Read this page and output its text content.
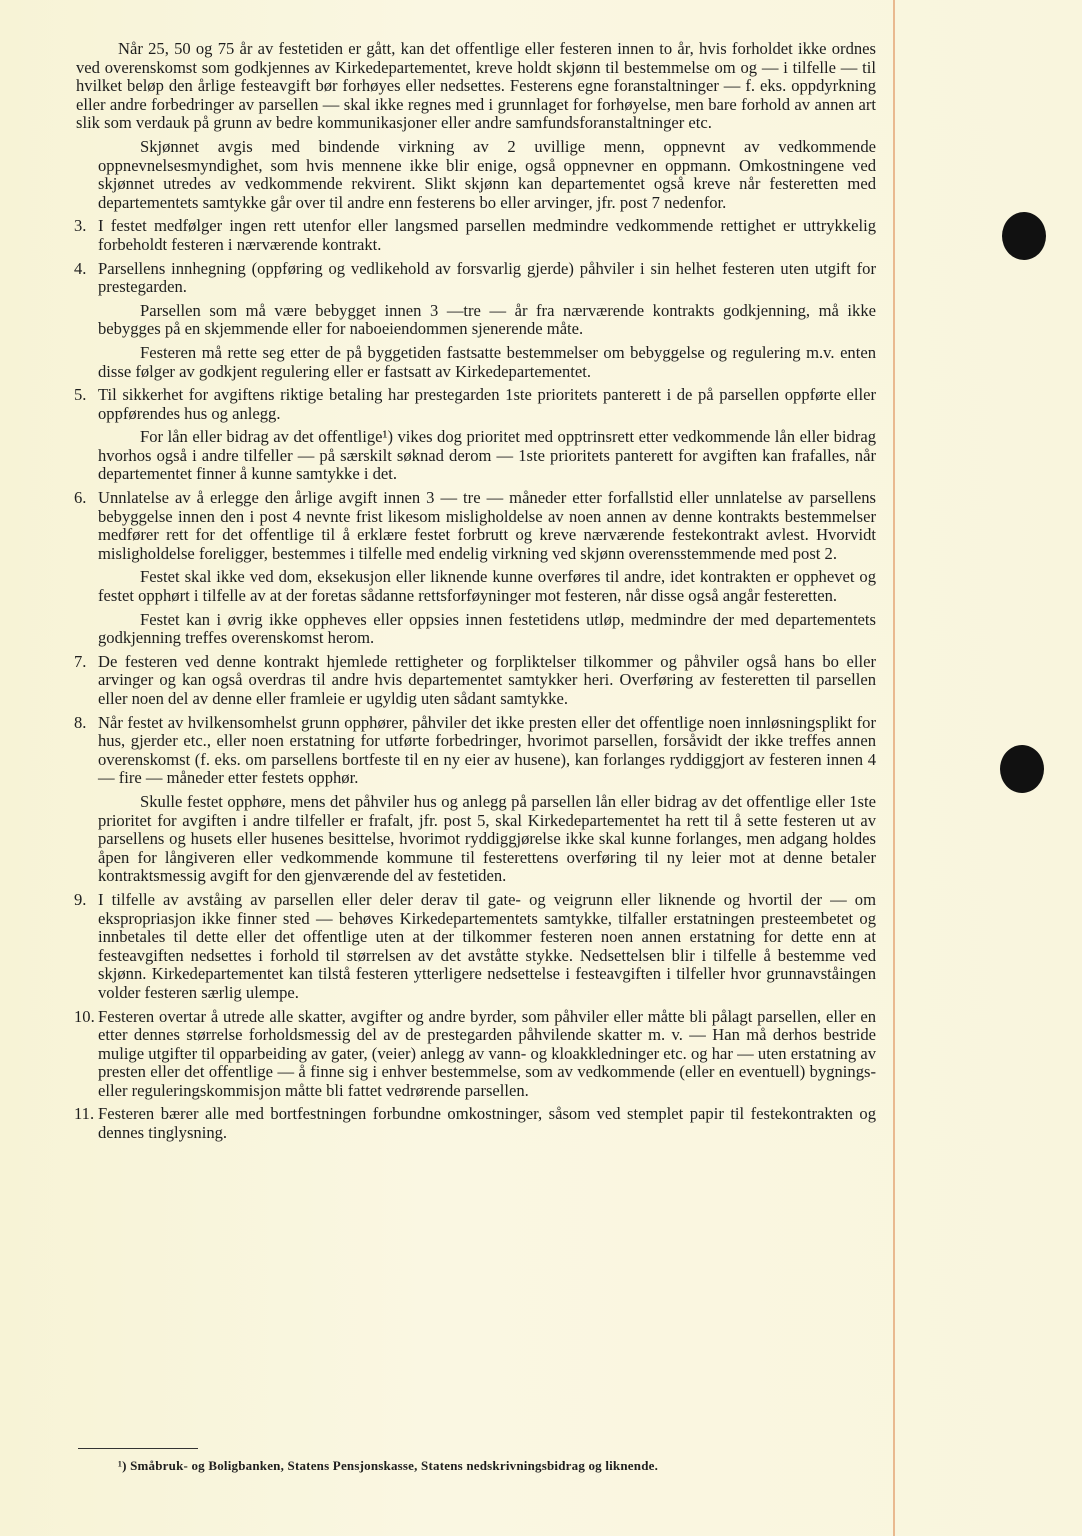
Når 25, 50 og 75 år av festetiden er gått, kan det offentlige eller festeren innen to år, hvis forholdet ikke ordnes ved overenskomst som godkjennes av Kirkedepartementet, kreve holdt skjønn til bestemmelse om og — i tilfelle — til hvilket beløp den årlige festeavgift bør forhøyes eller nedsettes. Festerens egne foranstaltninger — f. eks. oppdyrkning eller andre forbedringer av parsellen — skal ikke regnes med i grunnlaget for forhøyelse, men bare forhold av annen art slik som verdauk på grunn av bedre kommunikasjoner eller andre samfundsforanstaltninger etc.

Skjønnet avgis med bindende virkning av 2 uvillige menn, oppnevnt av vedkommende oppnevnelsesmyndighet, som hvis mennene ikke blir enige, også oppnevner en oppmann. Omkostningene ved skjønnet utredes av vedkommende rekvirent. Slikt skjønn kan departementet også kreve når festeretten med departementets samtykke går over til andre enn festerens bo eller arvinger, jfr. post 7 nedenfor.

3. I festet medfølger ingen rett utenfor eller langsmed parsellen medmindre vedkommende rettighet er uttrykkelig forbeholdt festeren i nærværende kontrakt.
4. Parsellens innhegning (oppføring og vedlikehold av forsvarlig gjerde) påhviler i sin helhet festeren uten utgift for prestegarden.

Parsellen som må være bebygget innen 3 —tre — år fra nærværende kontrakts godkjenning, må ikke bebygges på en skjemmende eller for naboeiendommen sjenerende måte.

Festeren må rette seg etter de på byggetiden fastsatte bestemmelser om bebyggelse og regulering m.v. enten disse følger av godkjent regulering eller er fastsatt av Kirkedepartementet.

5. Til sikkerhet for avgiftens riktige betaling har prestegarden 1ste prioritets panterett i de på parsellen oppførte eller oppførendes hus og anlegg.

For lån eller bidrag av det offentlige¹) vikes dog prioritet med opptrinsrett etter vedkommende lån eller bidrag hvorhos også i andre tilfeller — på særskilt søknad derom — 1ste prioritets panterett for avgiften kan frafalles, når departementet finner å kunne samtykke i det.

6. Unnlatelse av å erlegge den årlige avgift innen 3 — tre — måneder etter forfallstid eller unnlatelse av parsellens bebyggelse innen den i post 4 nevnte frist likesom misligholdelse av noen annen av denne kontrakts bestemmelser medfører rett for det offentlige til å erklære festet forbrutt og kreve nærværende festekontrakt avlest. Hvorvidt misligholdelse foreligger, bestemmes i tilfelle med endelig virkning ved skjønn overensstemmende med post 2.

Festet skal ikke ved dom, eksekusjon eller liknende kunne overføres til andre, idet kontrakten er opphevet og festet opphørt i tilfelle av at der foretas sådanne rettsforføyninger mot festeren, når disse også angår festeretten.

Festet kan i øvrig ikke oppheves eller oppsies innen festetidens utløp, medmindre der med departementets godkjenning treffes overenskomst herom.

7. De festeren ved denne kontrakt hjemlede rettigheter og forpliktelser tilkommer og påhviler også hans bo eller arvinger og kan også overdras til andre hvis departementet samtykker heri. Overføring av festeretten til parsellen eller noen del av denne eller framleie er ugyldig uten sådant samtykke.
8. Når festet av hvilkensomhelst grunn opphører, påhviler det ikke presten eller det offentlige noen innløsningsplikt for hus, gjerder etc., eller noen erstatning for utførte forbedringer, hvorimot parsellen, forsåvidt der ikke treffes annen overenskomst (f. eks. om parsellens bortfeste til en ny eier av husene), kan forlanges ryddiggjort av festeren innen 4 — fire — måneder etter festets opphør.

Skulle festet opphøre, mens det påhviler hus og anlegg på parsellen lån eller bidrag av det offentlige eller 1ste prioritet for avgiften i andre tilfeller er frafalt, jfr. post 5, skal Kirkedepartementet ha rett til å sette festeren ut av parsellens og husets eller husenes besittelse, hvorimot ryddiggjørelse ikke skal kunne forlanges, men adgang holdes åpen for långiveren eller vedkommende kommune til festerettens overføring til ny leier mot at denne betaler kontraktsmessig avgift for den gjenværende del av festetiden.

9. I tilfelle av avståing av parsellen eller deler derav til gate- og veigrunn eller liknende og hvortil der — om ekspropriasjon ikke finner sted — behøves Kirkedepartementets samtykke, tilfaller erstatningen presteembetet og innbetales til dette eller det offentlige uten at der tilkommer festeren noen annen erstatning for dette enn at festeavgiften nedsettes i forhold til størrelsen av det avståtte stykke. Nedsettelsen blir i tilfelle å bestemme ved skjønn. Kirkedepartementet kan tilstå festeren ytterligere nedsettelse i festeavgiften i tilfeller hvor grunnavståingen volder festeren særlig ulempe.
10. Festeren overtar å utrede alle skatter, avgifter og andre byrder, som påhviler eller måtte bli pålagt parsellen, eller en etter dennes størrelse forholdsmessig del av de prestegarden påhvilende skatter m. v. — Han må derhos bestride mulige utgifter til opparbeiding av gater, (veier) anlegg av vann- og kloakkledninger etc. og har — uten erstatning av presten eller det offentlige — å finne sig i enhver bestemmelse, som av vedkommende (eller en eventuell) bygnings- eller reguleringskommisjon måtte bli fattet vedrørende parsellen.
11. Festeren bærer alle med bortfestningen forbundne omkostninger, såsom ved stemplet papir til festekontrakten og dennes tinglysning.
¹) Småbruk- og Boligbanken, Statens Pensjonskasse, Statens nedskrivningsbidrag og liknende.
